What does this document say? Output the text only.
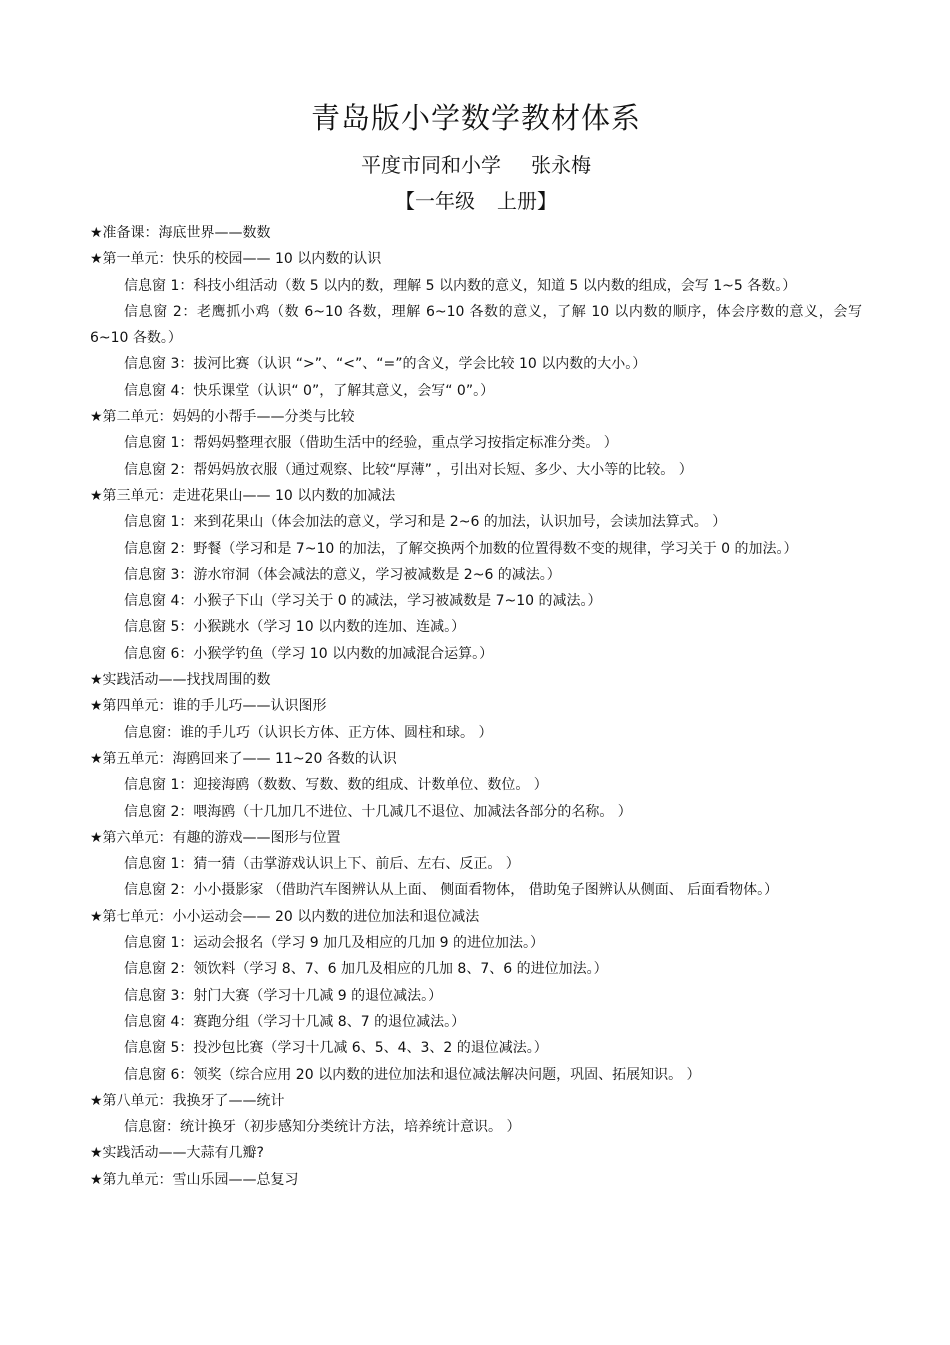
青岛版小学数学教材体系
平度市同和小学 张永梅
【一年级 上册】

★准备课：海底世界——数数

★第一单元：快乐的校园—— 10 以内数的认识

信息窗 1：科技小组活动（数 5 以内的数，理解 5 以内数的意义，知道 5 以内数的组成，会写 1~5 各数。）

信息窗 2：老鹰抓小鸡（数 6~10 各数，理解 6~10 各数的意义，了解 10 以内数的顺序，体会序数的意义，会写 6~10 各数。）

信息窗 3：拔河比赛（认识 “>”、“<”、“=”的含义，学会比较 10 以内数的大小。）

信息窗 4：快乐课堂（认识“ 0”，了解其意义，会写“ 0”。）

★第二单元：妈妈的小帮手——分类与比较

信息窗 1：帮妈妈整理衣服（借助生活中的经验，重点学习按指定标准分类。 ）

信息窗 2：帮妈妈放衣服（通过观察、比较“厚薄” ，引出对长短、多少、大小等的比较。 ）

★第三单元：走进花果山—— 10 以内数的加减法

信息窗 1：来到花果山（体会加法的意义，学习和是 2~6 的加法，认识加号，会读加法算式。 ）

信息窗 2：野餐（学习和是 7~10 的加法，了解交换两个加数的位置得数不变的规律，学习关于 0 的加法。）

信息窗 3：游水帘洞（体会减法的意义，学习被减数是 2~6 的减法。）

信息窗 4：小猴子下山（学习关于 0 的减法，学习被减数是 7~10 的减法。）

信息窗 5：小猴跳水（学习 10 以内数的连加、连减。）

信息窗 6：小猴学钓鱼（学习 10 以内数的加减混合运算。）

★实践活动——找找周围的数

★第四单元：谁的手儿巧——认识图形

信息窗：谁的手儿巧（认识长方体、正方体、圆柱和球。 ）

★第五单元：海鸥回来了—— 11~20 各数的认识

信息窗 1：迎接海鸥（数数、写数、数的组成、计数单位、数位。 ）

信息窗 2：喂海鸥（十几加几不进位、十几减几不退位、加减法各部分的名称。 ）

★第六单元：有趣的游戏——图形与位置

信息窗 1：猜一猜（击掌游戏认识上下、前后、左右、反正。 ）

信息窗 2：小小摄影家 （借助汽车图辨认从上面、 侧面看物体， 借助兔子图辨认从侧面、 后面看物体。）

★第七单元：小小运动会—— 20 以内数的进位加法和退位减法

信息窗 1：运动会报名（学习 9 加几及相应的几加 9 的进位加法。）

信息窗 2：领饮料（学习 8、7、6 加几及相应的几加 8、7、6 的进位加法。）

信息窗 3：射门大赛（学习十几减 9 的退位减法。）

信息窗 4：赛跑分组（学习十几减 8、7 的退位减法。）

信息窗 5：投沙包比赛（学习十几减 6、5、4、3、2 的退位减法。）

信息窗 6：领奖（综合应用 20 以内数的进位加法和退位减法解决问题，巩固、拓展知识。 ）

★第八单元：我换牙了——统计

信息窗：统计换牙（初步感知分类统计方法，培养统计意识。 ）

★实践活动——大蒜有几瓣?

★第九单元：雪山乐园——总复习
